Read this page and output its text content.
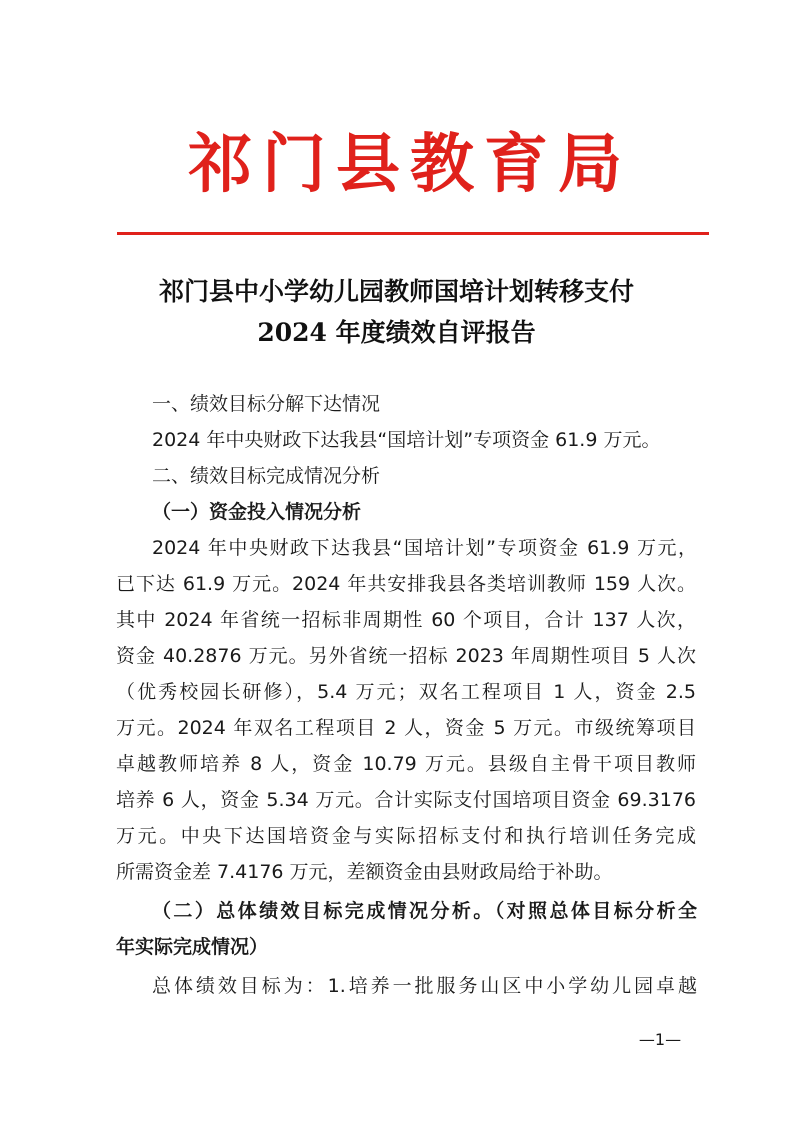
祁门县教育局
祁门县中小学幼儿园教师国培计划转移支付
2024 年度绩效自评报告
一、绩效目标分解下达情况
2024 年中央财政下达我县“国培计划”专项资金 61.9 万元。
二、绩效目标完成情况分析
（一）资金投入情况分析
2024 年中央财政下达我县“国培计划”专项资金 61.9 万元，
已下达 61.9 万元。2024 年共安排我县各类培训教师 159 人次。
其中 2024 年省统一招标非周期性 60 个项目，合计 137 人次，
资金 40.2876 万元。另外省统一招标 2023 年周期性项目 5 人次
（优秀校园长研修），5.4 万元；双名工程项目 1 人，资金 2.5
万元。2024 年双名工程项目 2 人，资金 5 万元。市级统筹项目
卓越教师培养 8 人，资金 10.79 万元。县级自主骨干项目教师
培养 6 人，资金 5.34 万元。合计实际支付国培项目资金 69.3176
万元。中央下达国培资金与实际招标支付和执行培训任务完成
所需资金差 7.4176 万元，差额资金由县财政局给于补助。
（二）总体绩效目标完成情况分析。（对照总体目标分析全
年实际完成情况）
总体绩效目标为：1.培养一批服务山区中小学幼儿园卓越
—1—
